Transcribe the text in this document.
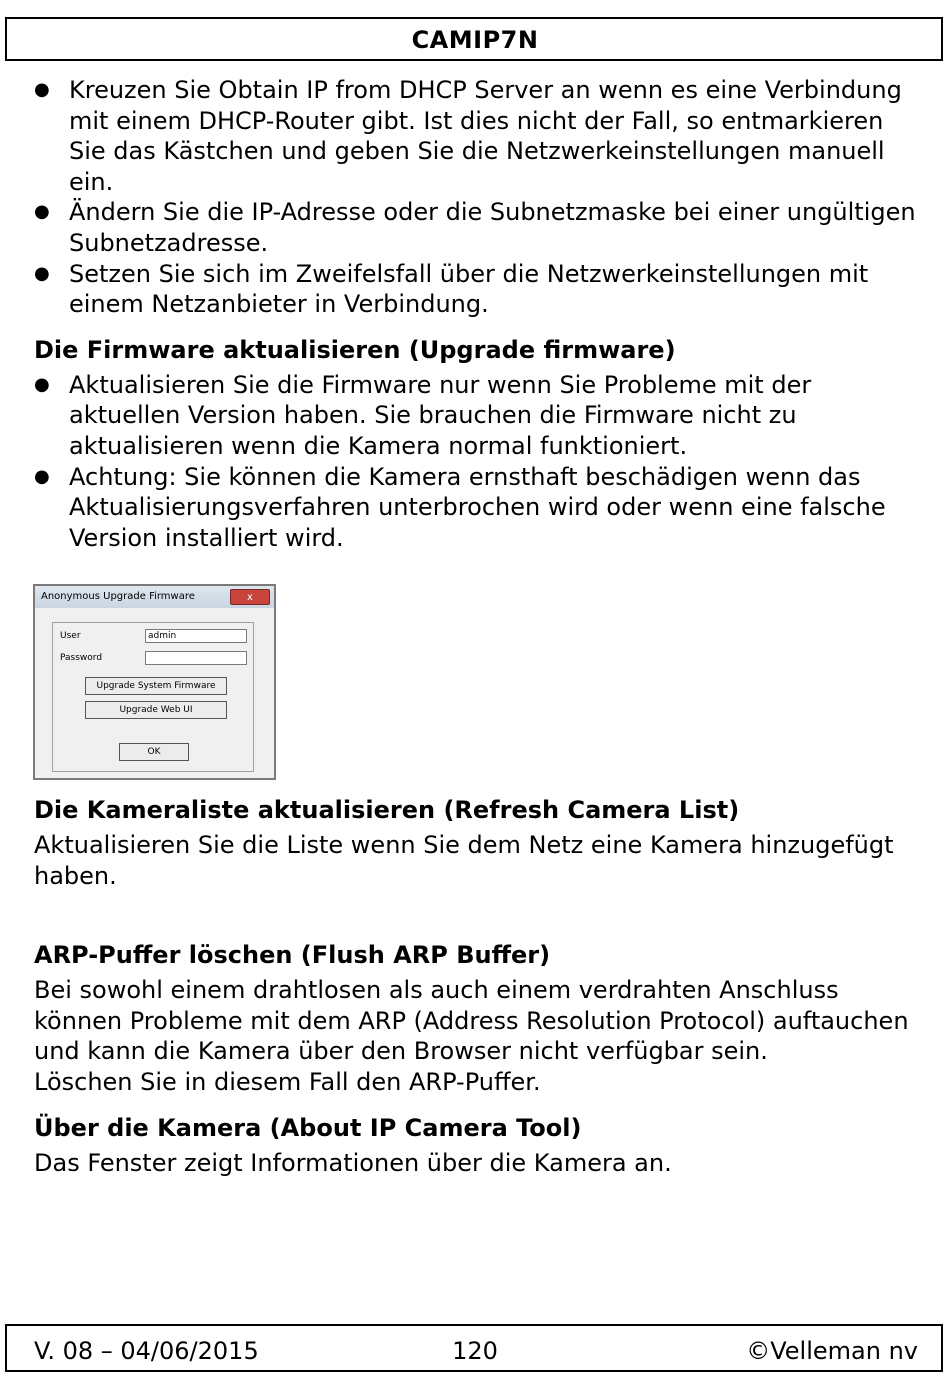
CAMIP7N
● Kreuzen Sie Obtain IP from DHCP Server an wenn es eine Verbindung mit einem DHCP-Router gibt. Ist dies nicht der Fall, so entmarkieren Sie das Kästchen und geben Sie die Netzwerkeinstellungen manuell ein.
● Ändern Sie die IP-Adresse oder die Subnetzmaske bei einer ungültigen Subnetzadresse.
● Setzen Sie sich im Zweifelsfall über die Netzwerkeinstellungen mit einem Netzanbieter in Verbindung.
Die Firmware aktualisieren (Upgrade firmware)
● Aktualisieren Sie die Firmware nur wenn Sie Probleme mit der aktuellen Version haben. Sie brauchen die Firmware nicht zu aktualisieren wenn die Kamera normal funktioniert.
● Achtung: Sie können die Kamera ernsthaft beschädigen wenn das Aktualisierungsverfahren unterbrochen wird oder wenn eine falsche Version installiert wird.
Anonymous Upgrade Firmware	x
User	admin
Password
Upgrade System Firmware
Upgrade Web UI
OK
Die Kameraliste aktualisieren (Refresh Camera List)

Aktualisieren Sie die Liste wenn Sie dem Netz eine Kamera hinzugefügt haben.

ARP-Puffer löschen (Flush ARP Buffer)

Bei sowohl einem drahtlosen als auch einem verdrahten Anschluss können Probleme mit dem ARP (Address Resolution Protocol) auftauchen und kann die Kamera über den Browser nicht verfügbar sein.

Löschen Sie in diesem Fall den ARP-Puffer.

Über die Kamera (About IP Camera Tool)

Das Fenster zeigt Informationen über die Kamera an.

V. 08 – 04/06/2015	120	©Velleman nv
